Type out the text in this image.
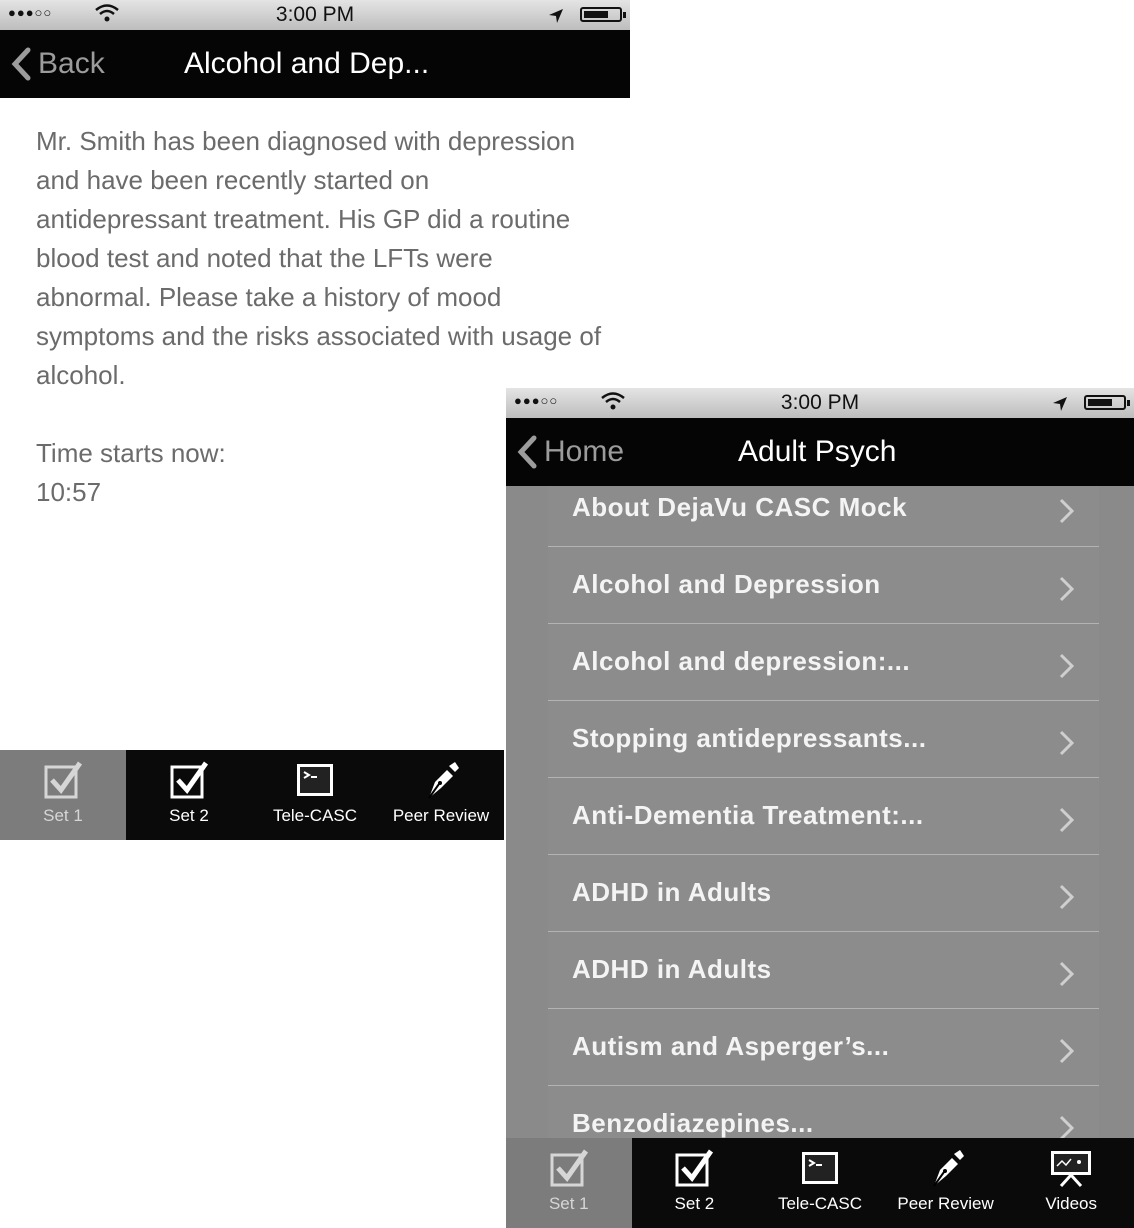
●●●○○	3:00 PM
Back	Alcohol and Dep...

Mr. Smith has been diagnosed with depression and have been recently started on antidepressant treatment. His GP did a routine blood test and noted that the LFTs were abnormal. Please take a history of mood symptoms and the risks associated with usage of alcohol.

Time starts now:

10:57

Set 1	Set 2	Tele-CASC	Peer Review
●●●○○	3:00 PM
Home	Adult Psych
About DejaVu CASC Mock
Alcohol and Depression
Alcohol and depression:...
Stopping antidepressants...
Anti-Dementia Treatment:...
ADHD in Adults
ADHD in Adults
Autism and Asperger’s...
Benzodiazepines...
Set 1	Set 2	Tele-CASC	Peer Review	Videos
